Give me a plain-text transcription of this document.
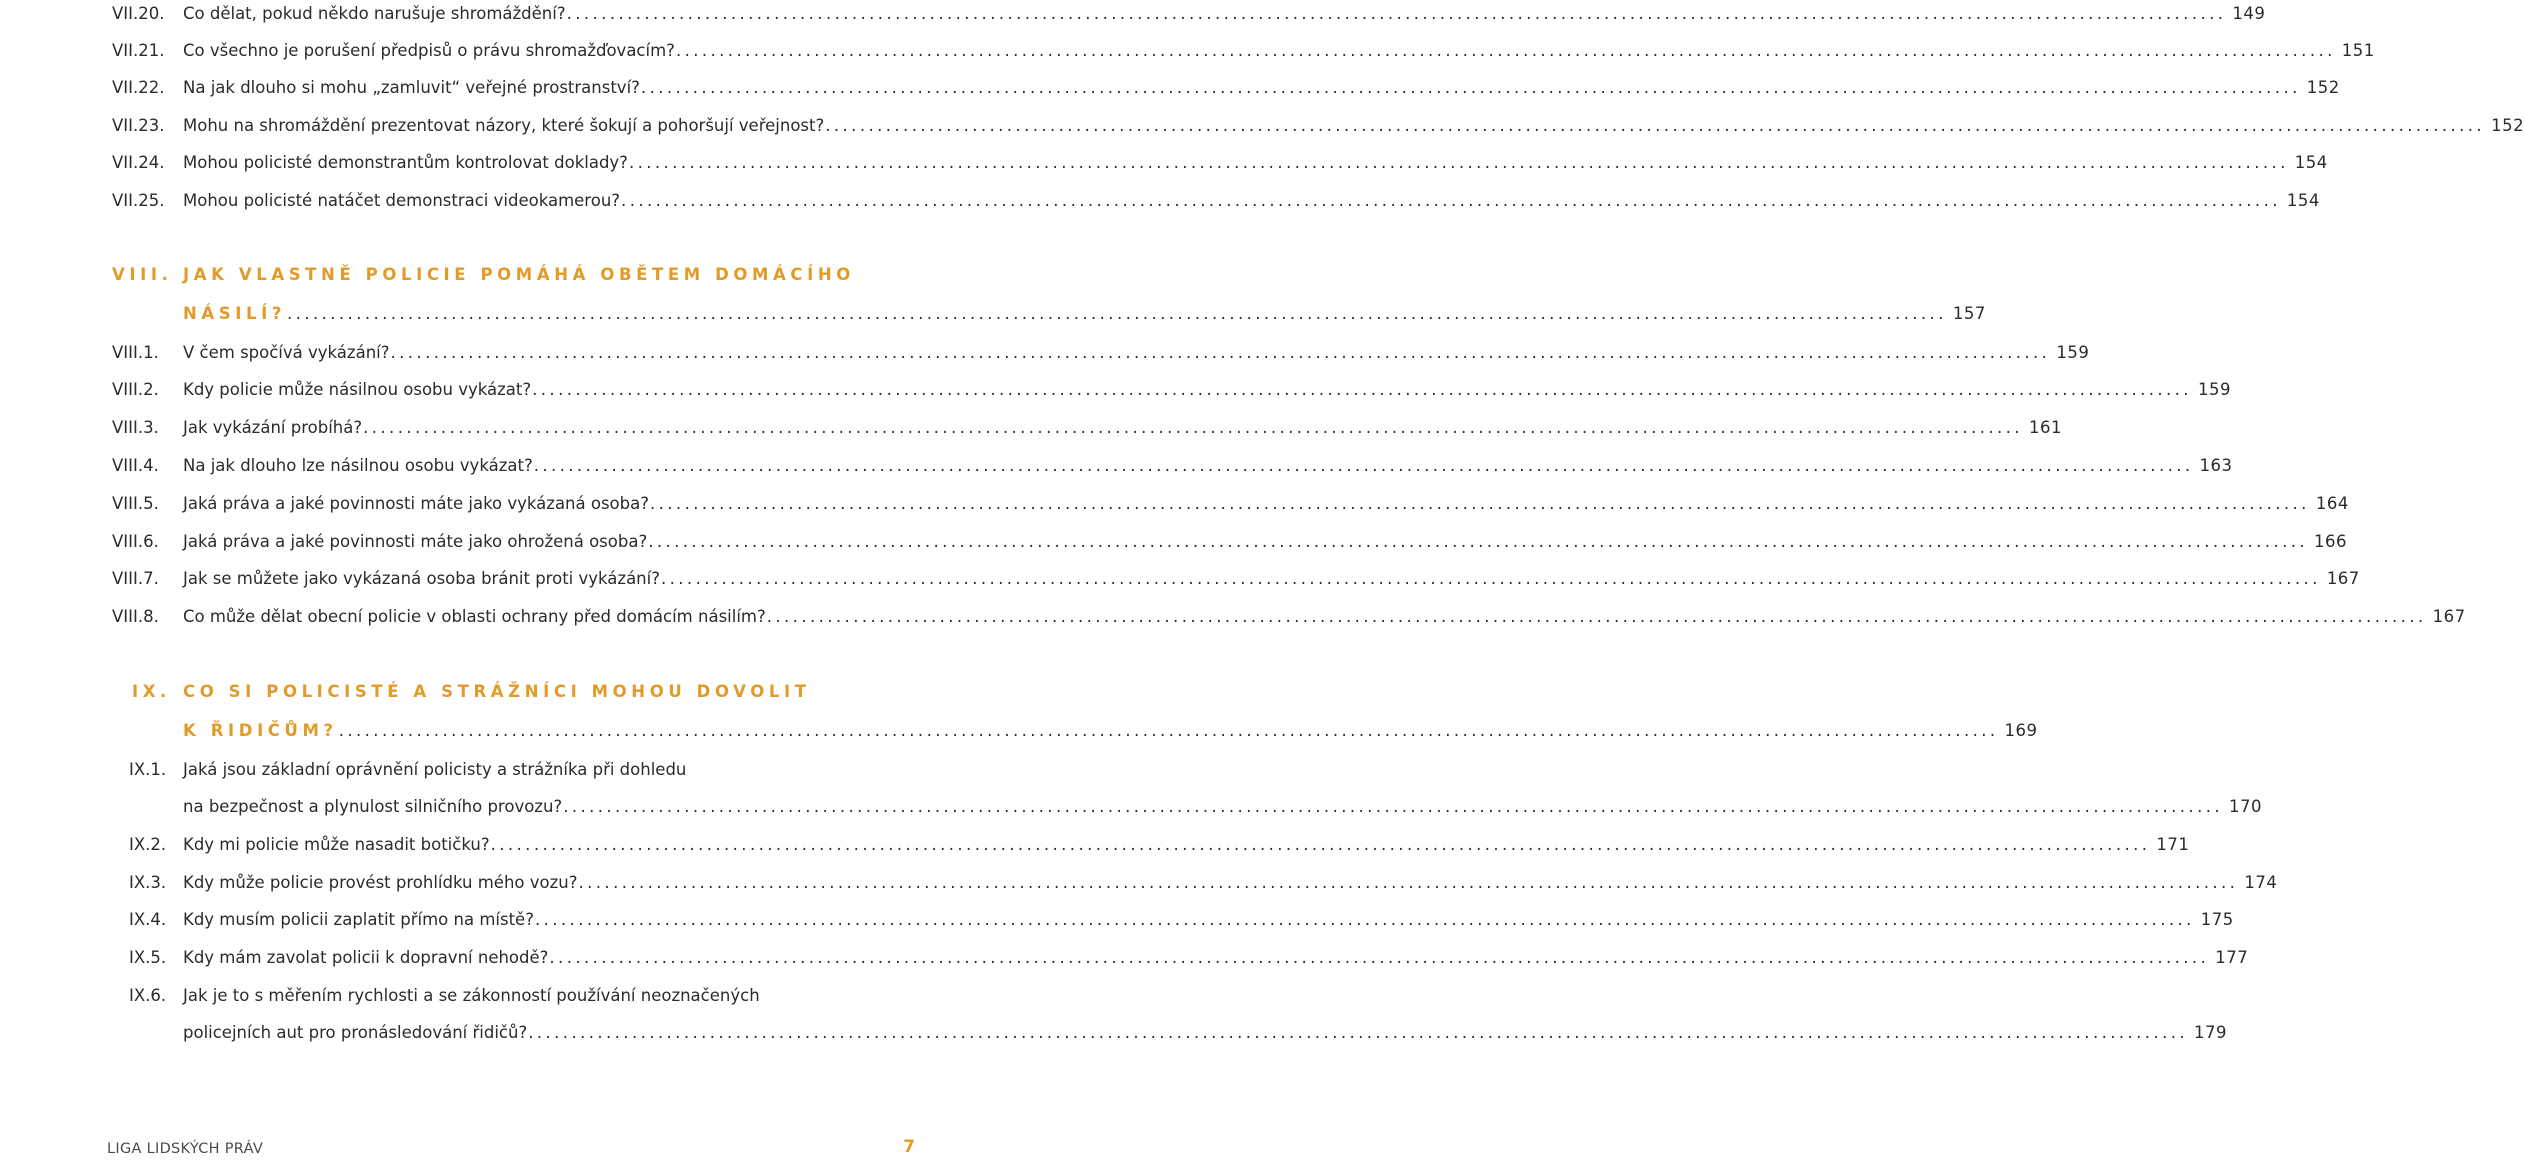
VII.20.	Co dělat, pokud někdo narušuje shromáždění? ................................................................................................................................................................................................ 149
VII.21.	Co všechno je porušení předpisů o právu shromažďovacím? ................................................................................................................................................................................................ 151
VII.22.	Na jak dlouho si mohu „zamluvit“ veřejné prostranství? ................................................................................................................................................................................................ 152
VII.23.	Mohu na shromáždění prezentovat názory, které šokují a pohoršují veřejnost? ................................................................................................................................................................................................ 152
VII.24.	Mohou policisté demonstrantům kontrolovat doklady? ................................................................................................................................................................................................ 154
VII.25.	Mohou policisté natáčet demonstraci videokamerou? ................................................................................................................................................................................................ 154
VIII. JAK VLASTNĚ POLICIE POMÁHÁ OBĚTEM DOMÁCÍHO
NÁSILÍ? ................................................................................................................................................................................................ 157
VIII.1.	V čem spočívá vykázání? ................................................................................................................................................................................................ 159
VIII.2.	Kdy policie může násilnou osobu vykázat? ................................................................................................................................................................................................ 159
VIII.3.	Jak vykázání probíhá? ................................................................................................................................................................................................ 161
VIII.4.	Na jak dlouho lze násilnou osobu vykázat? ................................................................................................................................................................................................ 163
VIII.5.	Jaká práva a jaké povinnosti máte jako vykázaná osoba? ................................................................................................................................................................................................ 164
VIII.6.	Jaká práva a jaké povinnosti máte jako ohrožená osoba? ................................................................................................................................................................................................ 166
VIII.7.	Jak se můžete jako vykázaná osoba bránit proti vykázání? ................................................................................................................................................................................................ 167
VIII.8.	Co může dělat obecní policie v oblasti ochrany před domácím násilím? ................................................................................................................................................................................................ 167
IX. CO SI POLICISTÉ A STRÁŽNÍCI MOHOU DOVOLIT
K ŘIDIČŮM? ................................................................................................................................................................................................ 169
IX.1.	Jaká jsou základní oprávnění policisty a strážníka při dohledu
na bezpečnost a plynulost silničního provozu? ................................................................................................................................................................................................ 170
IX.2.	Kdy mi policie může nasadit botičku? ................................................................................................................................................................................................ 171
IX.3.	Kdy může policie provést prohlídku mého vozu? ................................................................................................................................................................................................ 174
IX.4.	Kdy musím policii zaplatit přímo na místě? ................................................................................................................................................................................................ 175
IX.5.	Kdy mám zavolat policii k dopravní nehodě? ................................................................................................................................................................................................ 177
IX.6.	Jak je to s měřením rychlosti a se zákonností používání neoznačených
policejních aut pro pronásledování řidičů? ................................................................................................................................................................................................ 179
LIGA LIDSKÝCH PRÁV	7
